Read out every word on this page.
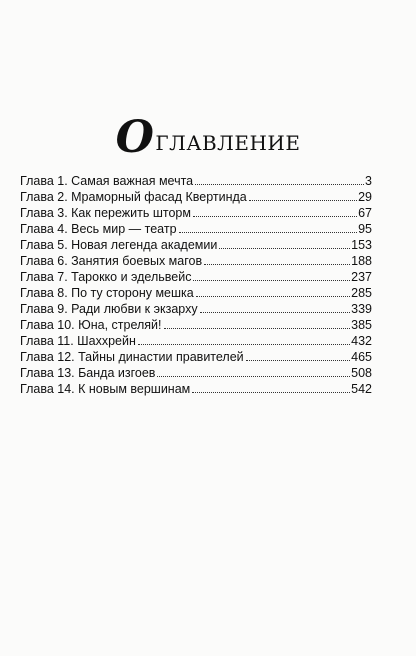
Оглавление
Глава 1. Самая важная мечта	3
Глава 2. Мраморный фасад Квертинда	29
Глава 3. Как пережить шторм	67
Глава 4. Весь мир — театр	95
Глава 5. Новая легенда академии	153
Глава 6. Занятия боевых магов	188
Глава 7. Тарокко и эдельвейс	237
Глава 8. По ту сторону мешка	285
Глава 9. Ради любви к экзарху	339
Глава 10. Юна, стреляй!	385
Глава 11. Шаххрейн	432
Глава 12. Тайны династии правителей	465
Глава 13. Банда изгоев	508
Глава 14. К новым вершинам	542
